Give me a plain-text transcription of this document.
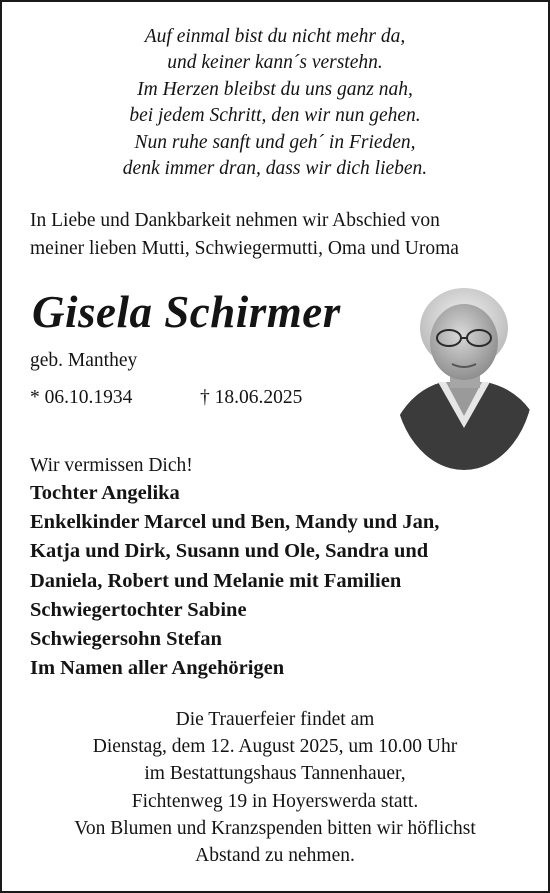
Auf einmal bist du nicht mehr da,
und keiner kann´s verstehn.
Im Herzen bleibst du uns ganz nah,
bei jedem Schritt, den wir nun gehen.
Nun ruhe sanft und geh´ in Frieden,
denk immer dran, dass wir dich lieben.
In Liebe und Dankbarkeit nehmen wir Abschied von
meiner lieben Mutti, Schwiegermutti, Oma und Uroma
Gisela Schirmer
geb. Manthey
* 06.10.1934	† 18.06.2025
Wir vermissen Dich!
Tochter Angelika
Enkelkinder Marcel und Ben, Mandy und Jan,
Katja und Dirk, Susann und Ole, Sandra und
Daniela, Robert und Melanie mit Familien
Schwiegertochter Sabine
Schwiegersohn Stefan
Im Namen aller Angehörigen
Die Trauerfeier findet am
Dienstag, dem 12. August 2025, um 10.00 Uhr
im Bestattungshaus Tannenhauer,
Fichtenweg 19 in Hoyerswerda statt.
Von Blumen und Kranzspenden bitten wir höflichst
Abstand zu nehmen.
